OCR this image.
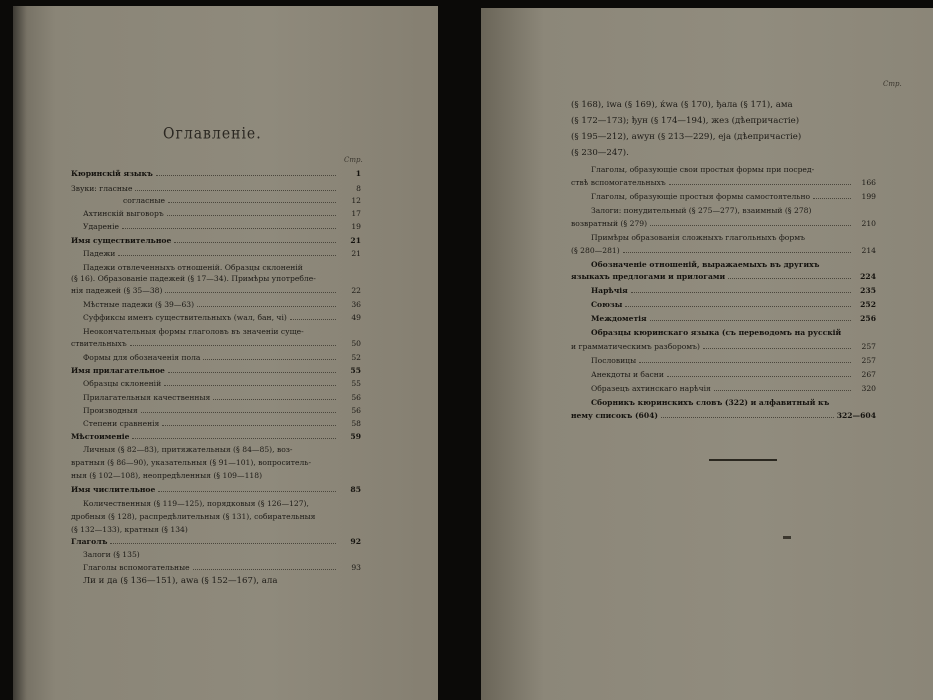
Оглавленіе.
Стр.
Кюринскій языкъ	1
Звуки: гласные	8
согласные	12
Ахтинскій выговоръ	17
Удареніе	19
Имя существительное	21
Падежи	21
Падежи отвлеченныхъ отношеній. Образцы склоненій
(§ 16). Образованіе падежей (§ 17—34). Примѣры употребле-
нія падежей (§ 35—38)	22
Мѣстные падежи (§ 39—63)	36
Суффиксы именъ существительныхъ (wал, бан, чi)	49
Неокончательныя формы глаголовъ въ значеніи суще-
ствительныхъ	50
Формы для обозначенія пола	52
Имя прилагательное	55
Образцы склоненій	55
Прилагательныя качественныя	56
Производныя	56
Степени сравненія	58
Мѣстоименіе	59
Личныя (§ 82—83), притяжательныя (§ 84—85), воз-
вратныя (§ 86—90), указательныя (§ 91—101), вопроситель-
ныя (§ 102—108), неопредѣленныя (§ 109—118)
Имя числительное	85
Количественныя (§ 119—125), порядковыя (§ 126—127),
дробныя (§ 128), распредѣлительныя (§ 131), собирательныя
(§ 132—133), кратныя (§ 134)
Глаголъ	92
Залоги (§ 135)
Глаголы вспомогательные	93
Ли и да (§ 136—151), аwа (§ 152—167), ала
Стр.
(§ 168), iwa (§ 169), ќwa (§ 170), ђала (§ 171), ама
(§ 172—173); ђун (§ 174—194), жез (дѣепричастіе)
(§ 195—212), аwун (§ 213—229), еја (дѣепричастіе)
(§ 230—247).
Глаголы, образующіе свои простыя формы при посред-
ствѣ вспомогательныхъ	166
Глаголы, образующіе простыя формы самостоятельно	199
Залоги: понудительный (§ 275—277), взаимный (§ 278)
возвратный (§ 279)	210
Примѣры образованія сложныхъ глагольныхъ формъ
(§ 280—281)	214
Обозначеніе отношеній, выражаемыхъ въ другихъ
языкахъ предлогами и прилогами	224
Нарѣчія	235
Союзы	252
Междометія	256
Образцы кюринскаго языка (съ переводомъ на русскій
и грамматическимъ разборомъ)	257
Пословицы	257
Анекдоты и басни	267
Образецъ ахтинскаго нарѣчія	320
Сборникъ кюринскихъ словъ (322) и алфавитный къ
нему списокъ (604)	322—604
